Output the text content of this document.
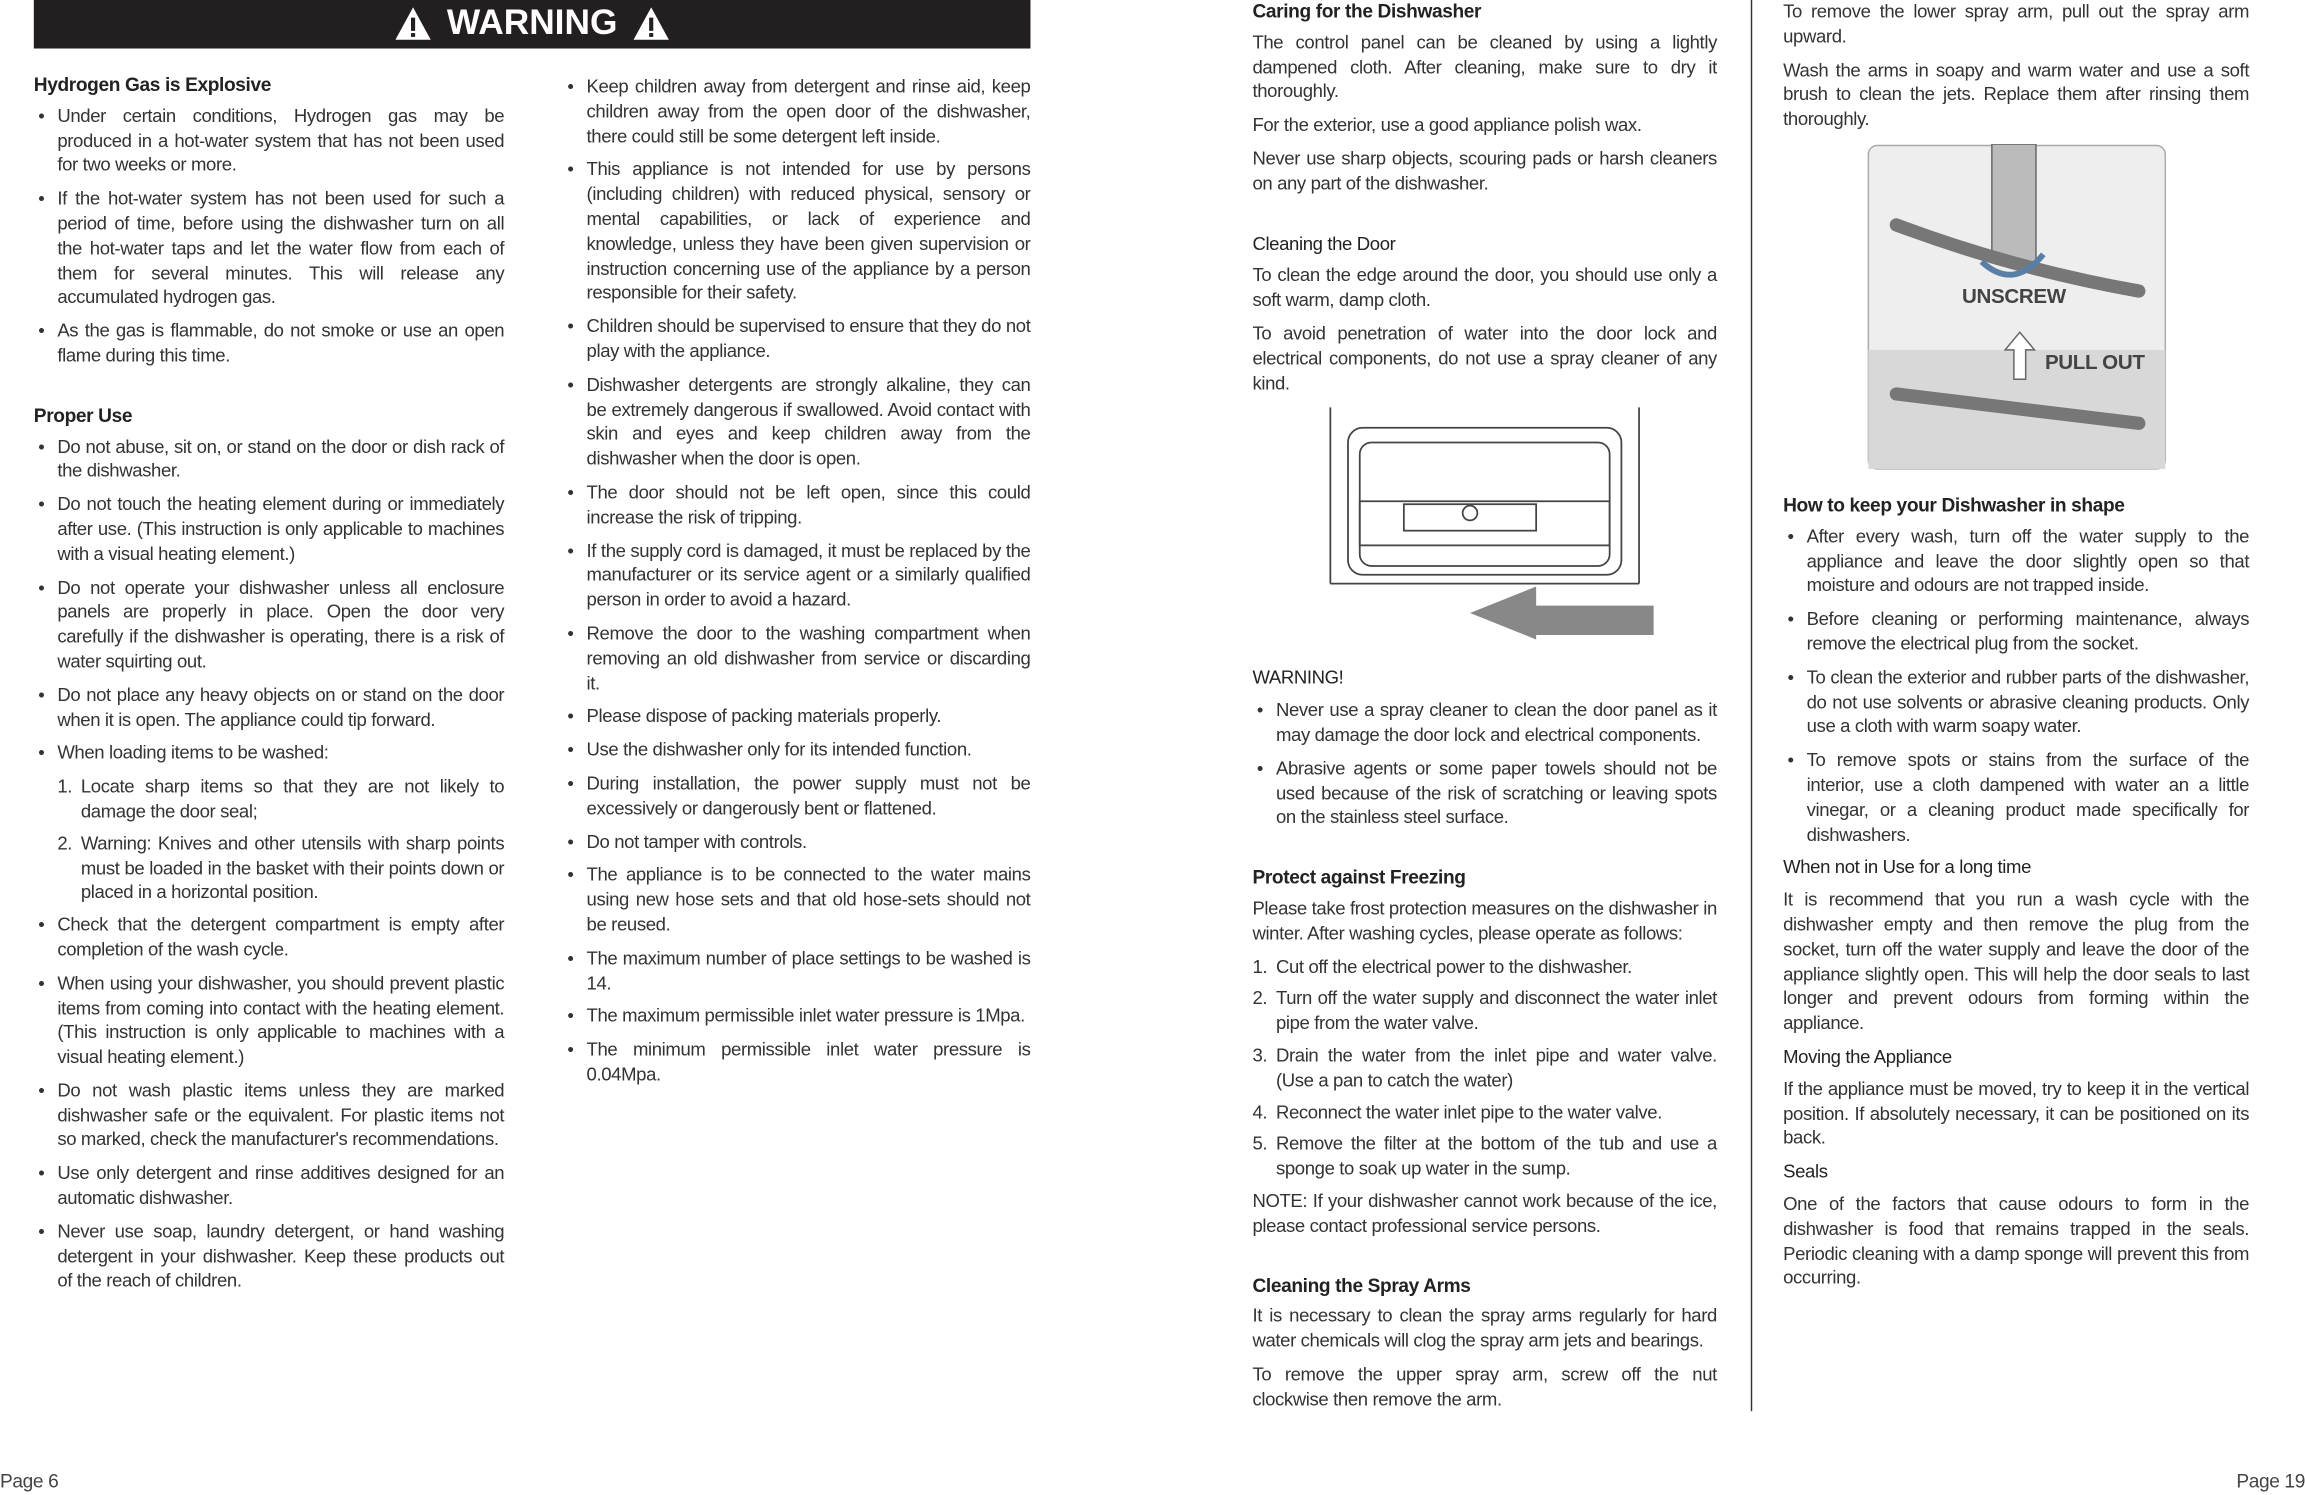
WARNING
Hydrogen Gas is Explosive
• Under certain conditions, Hydrogen gas may be produced in a hot-water system that has not been used for two weeks or more.
• If the hot-water system has not been used for such a period of time, before using the dishwasher turn on all the hot-water taps and let the water flow from each of them for several minutes. This will release any accumulated hydrogen gas.
• As the gas is flammable, do not smoke or use an open flame during this time.
Proper Use
• Do not abuse, sit on, or stand on the door or dish rack of the dishwasher.
• Do not touch the heating element during or immediately after use. (This instruction is only applicable to machines with a visual heating element.)
• Do not operate your dishwasher unless all enclosure panels are properly in place. Open the door very carefully if the dishwasher is operating, there is a risk of water squirting out.
• Do not place any heavy objects on or stand on the door when it is open. The appliance could tip forward.
• When loading items to be washed:
1. Locate sharp items so that they are not likely to damage the door seal;
2. Warning: Knives and other utensils with sharp points must be loaded in the basket with their points down or placed in a horizontal position.
• Check that the detergent compartment is empty after completion of the wash cycle.
• When using your dishwasher, you should prevent plastic items from coming into contact with the heating element.(This instruction is only applicable to machines with a visual heating element.)
• Do not wash plastic items unless they are marked dishwasher safe or the equivalent. For plastic items not so marked, check the manufacturer's recommendations.
• Use only detergent and rinse additives designed for an automatic dishwasher.
• Never use soap, laundry detergent, or hand washing detergent in your dishwasher. Keep these products out of the reach of children.
• Keep children away from detergent and rinse aid, keep children away from the open door of the dishwasher, there could still be some detergent left inside.
• This appliance is not intended for use by persons (including children) with reduced physical, sensory or mental capabilities, or lack of experience and knowledge, unless they have been given supervision or instruction concerning use of the appliance by a person responsible for their safety.
• Children should be supervised to ensure that they do not play with the appliance.
• Dishwasher detergents are strongly alkaline, they can be extremely dangerous if swallowed. Avoid contact with skin and eyes and keep children away from the dishwasher when the door is open.
• The door should not be left open, since this could increase the risk of tripping.
• If the supply cord is damaged, it must be replaced by the manufacturer or its service agent or a similarly qualified person in order to avoid a hazard.
• Remove the door to the washing compartment when removing an old dishwasher from service or discarding it.
• Please dispose of packing materials properly.
• Use the dishwasher only for its intended function.
• During installation, the power supply must not be excessively or dangerously bent or flattened.
• Do not tamper with controls.
• The appliance is to be connected to the water mains using new hose sets and that old hose-sets should not be reused.
• The maximum number of place settings to be washed is 14.
• The maximum permissible inlet water pressure is 1Mpa.
• The minimum permissible inlet water pressure is 0.04Mpa.
Caring for the Dishwasher

The control panel can be cleaned by using a lightly dampened cloth. After cleaning, make sure to dry it thoroughly.

For the exterior, use a good appliance polish wax.

Never use sharp objects, scouring pads or harsh cleaners on any part of the dishwasher.

Cleaning the Door

To clean the edge around the door, you should use only a soft warm, damp cloth.

To avoid penetration of water into the door lock and electrical components, do not use a spray cleaner of any kind.

WARNING!
• Never use a spray cleaner to clean the door panel as it may damage the door lock and electrical components.
• Abrasive agents or some paper towels should not be used because of the risk of scratching or leaving spots on the stainless steel surface.
Protect against Freezing

Please take frost protection measures on the dishwasher in winter. After washing cycles, please operate as follows:

1. Cut off the electrical power to the dishwasher.
2. Turn off the water supply and disconnect the water inlet pipe from the water valve.
3. Drain the water from the inlet pipe and water valve. (Use a pan to catch the water)
4. Reconnect the water inlet pipe to the water valve.
5. Remove the filter at the bottom of the tub and use a sponge to soak up water in the sump.

NOTE: If your dishwasher cannot work because of the ice, please contact professional service persons.

Cleaning the Spray Arms

It is necessary to clean the spray arms regularly for hard water chemicals will clog the spray arm jets and bearings.

To remove the upper spray arm, screw off the nut clockwise then remove the arm.

To remove the lower spray arm, pull out the spray arm upward.

Wash the arms in soapy and warm water and use a soft brush to clean the jets. Replace them after rinsing them thoroughly.

UNSCREW
PULL OUT
How to keep your Dishwasher in shape
• After every wash, turn off the water supply to the appliance and leave the door slightly open so that moisture and odours are not trapped inside.
• Before cleaning or performing maintenance, always remove the electrical plug from the socket.
• To clean the exterior and rubber parts of the dishwasher, do not use solvents or abrasive cleaning products. Only use a cloth with warm soapy water.
• To remove spots or stains from the surface of the interior, use a cloth dampened with water an a little vinegar, or a cleaning product made specifically for dishwashers.
When not in Use for a long time

It is recommend that you run a wash cycle with the dishwasher empty and then remove the plug from the socket, turn off the water supply and leave the door of the appliance slightly open. This will help the door seals to last longer and prevent odours from forming within the appliance.

Moving the Appliance

If the appliance must be moved, try to keep it in the vertical position. If absolutely necessary, it can be positioned on its back.

Seals

One of the factors that cause odours to form in the dishwasher is food that remains trapped in the seals. Periodic cleaning with a damp sponge will prevent this from occurring.

Page 6	Page 19
